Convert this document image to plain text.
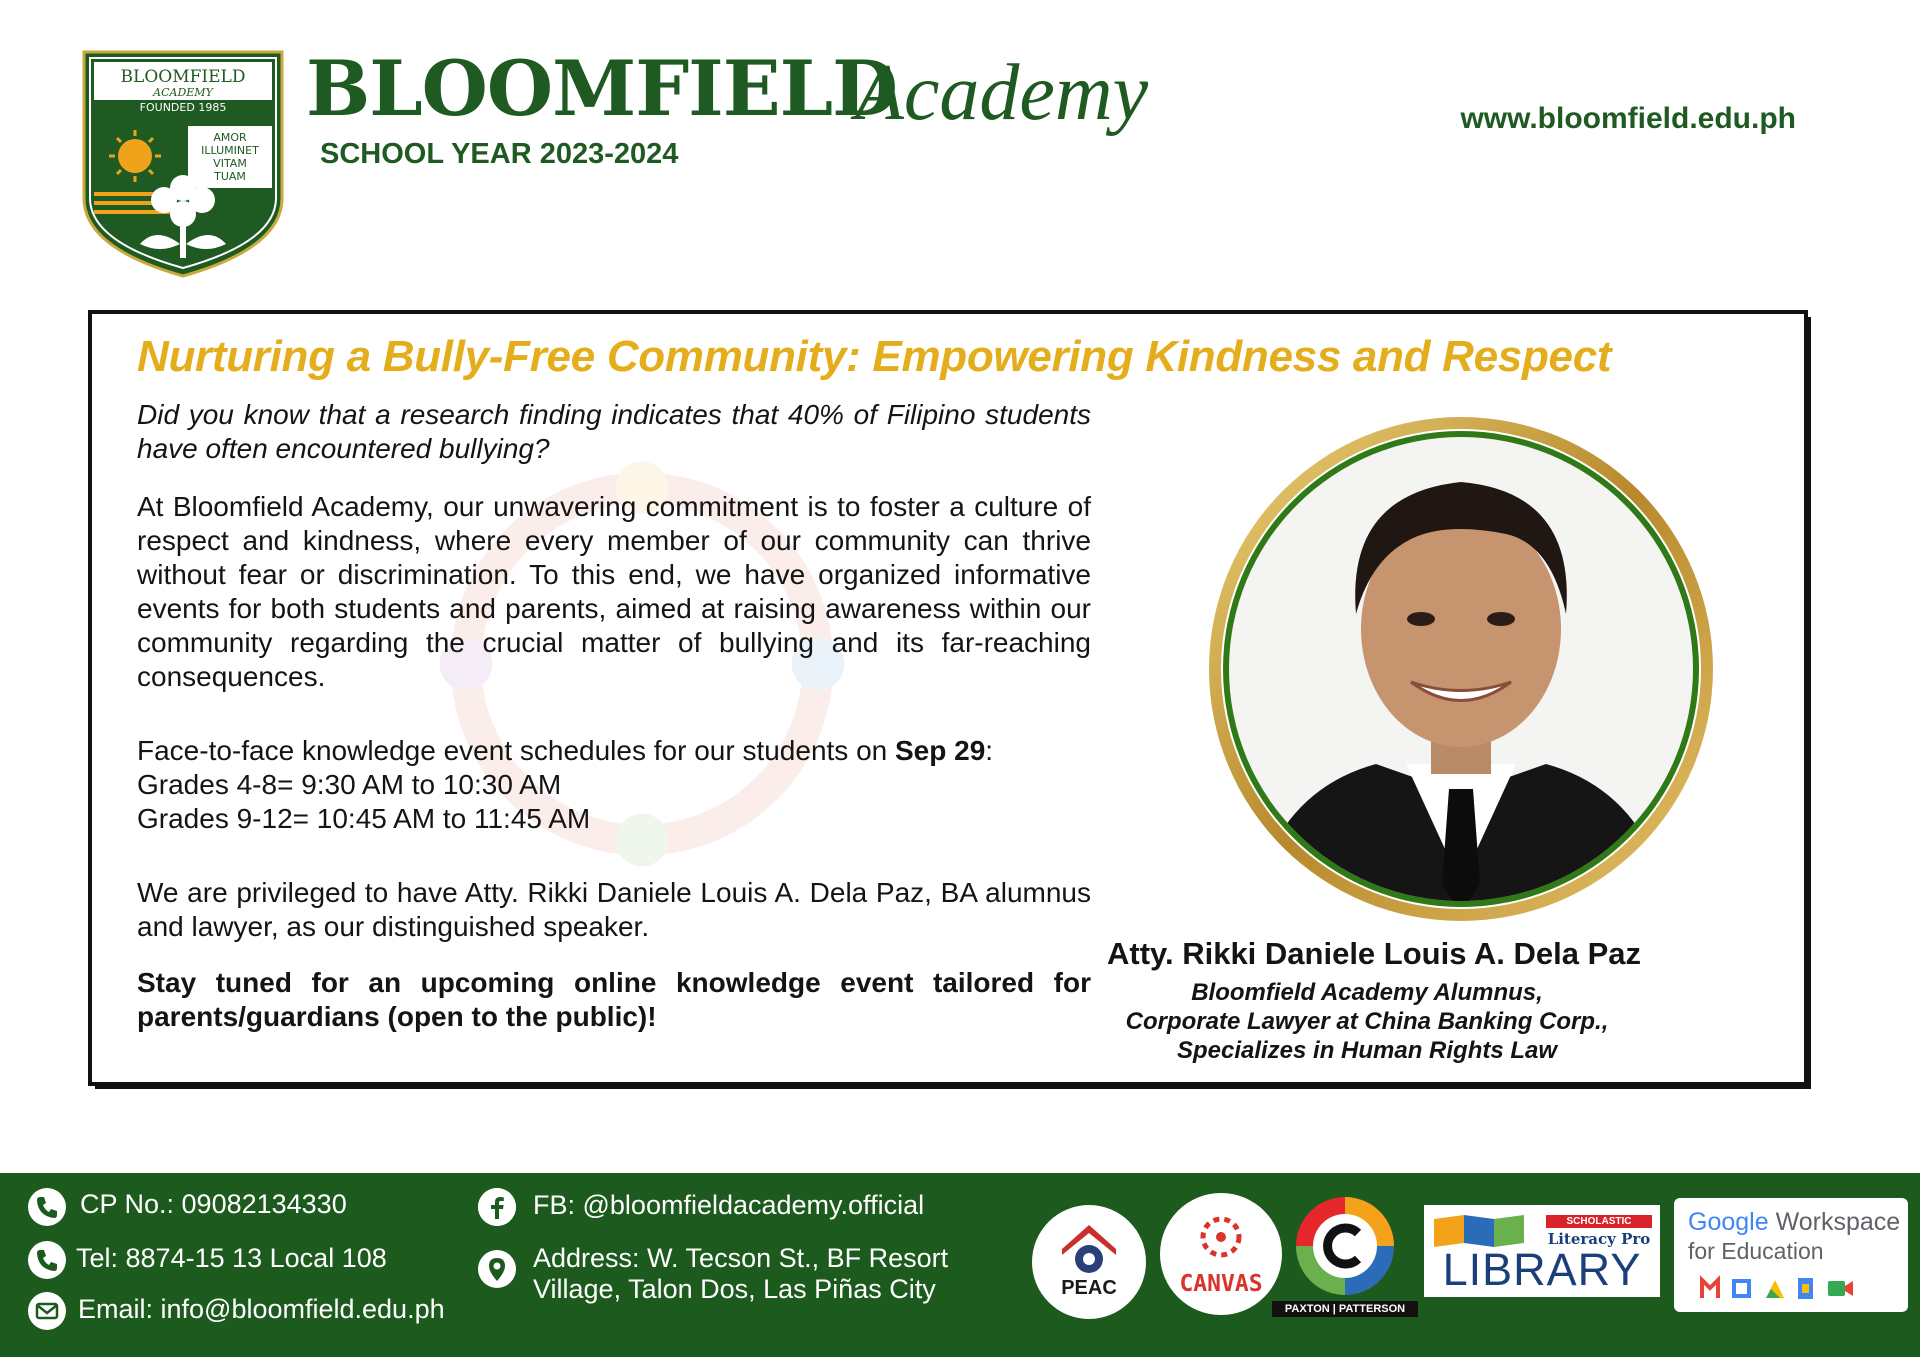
BLOOMFIELD
ACADEMY
FOUNDED 1985
AMOR
ILLUMINET
VITAM
TUAM
BLOOMFIELD
Academy
SCHOOL YEAR 2023-2024
www.bloomfield.edu.ph
Nurturing a Bully-Free Community: Empowering Kindness and Respect

Did you know that a research finding indicates that 40% of Filipino students have often encountered bullying?

At Bloomfield Academy, our unwavering commitment is to foster a culture of respect and kindness, where every member of our community can thrive without fear or discrimination. To this end, we have organized informative events for both students and parents, aimed at raising awareness within our community regarding the crucial matter of bullying and its far-reaching consequences.

Face-to-face knowledge event schedules for our students on Sep 29:
Grades 4-8= 9:30 AM to 10:30 AM
Grades 9-12= 10:45 AM to 11:45 AM

We are privileged to have Atty. Rikki Daniele Louis A. Dela Paz, BA alumnus and lawyer, as our distinguished speaker.

Stay tuned for an upcoming online knowledge event tailored for parents/guardians (open to the public)!

Atty. Rikki Daniele Louis A. Dela Paz
Bloomfield Academy Alumnus,
Corporate Lawyer at China Banking Corp.,
Specializes in Human Rights Law
CP No.: 09082134330
Tel: 8874-15 13 Local 108
Email: info@bloomfield.edu.ph
FB: @bloomfieldacademy.official
Address: W. Tecson St., BF Resort
Village, Talon Dos, Las Piñas City	PEAC	CANVAS
PAXTON | PATTERSON
SCHOLASTIC
Literacy Pro
LIBRARY
Google Workspace
for Education
